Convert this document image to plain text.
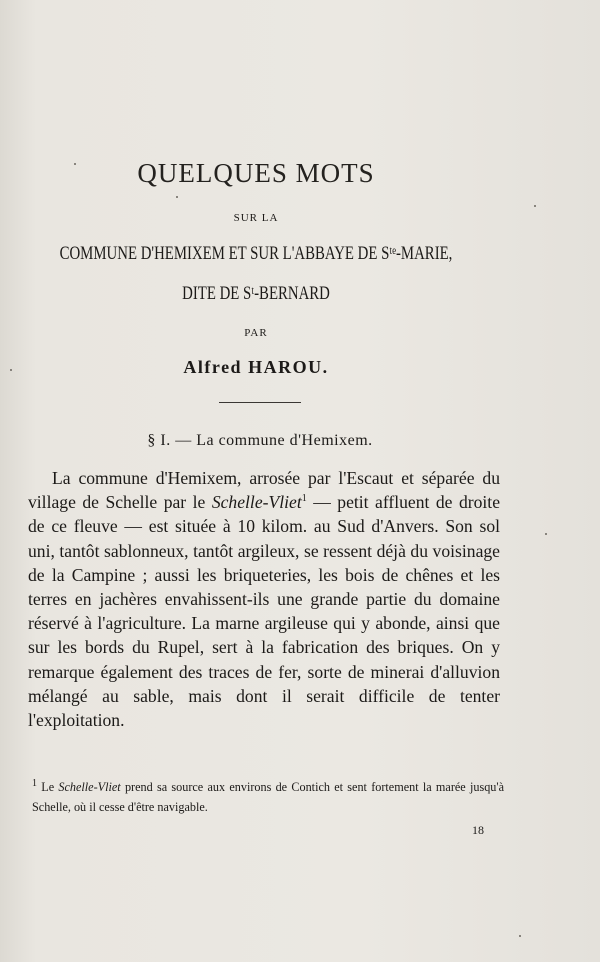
QUELQUES MOTS
SUR LA
COMMUNE D'HEMIXEM ET SUR L'ABBAYE DE Sᵗᵉ-MARIE,
DITE DE Sᵗ-BERNARD
PAR
Alfred HAROU.
§ I. — La commune d'Hemixem.
La commune d'Hemixem, arrosée par l'Escaut et séparée du village de Schelle par le Schelle-Vliet$^1$ — petit affluent de droite de ce fleuve — est située à 10 kilom. au Sud d'Anvers. Son sol uni, tantôt sablonneux, tantôt argileux, se ressent déjà du voisinage de la Campine ; aussi les briqueteries, les bois de chênes et les terres en jachères envahissent-ils une grande partie du domaine réservé à l'agriculture. La marne argileuse qui y abonde, ainsi que sur les bords du Rupel, sert à la fabrication des briques. On y remarque également des traces de fer, sorte de minerai d'alluvion mélangé au sable, mais dont il serait difficile de tenter l'exploitation.
$^1$ Le Schelle-Vliet prend sa source aux environs de Contich et sent fortement la marée jusqu'à Schelle, où il cesse d'être navigable.
18
